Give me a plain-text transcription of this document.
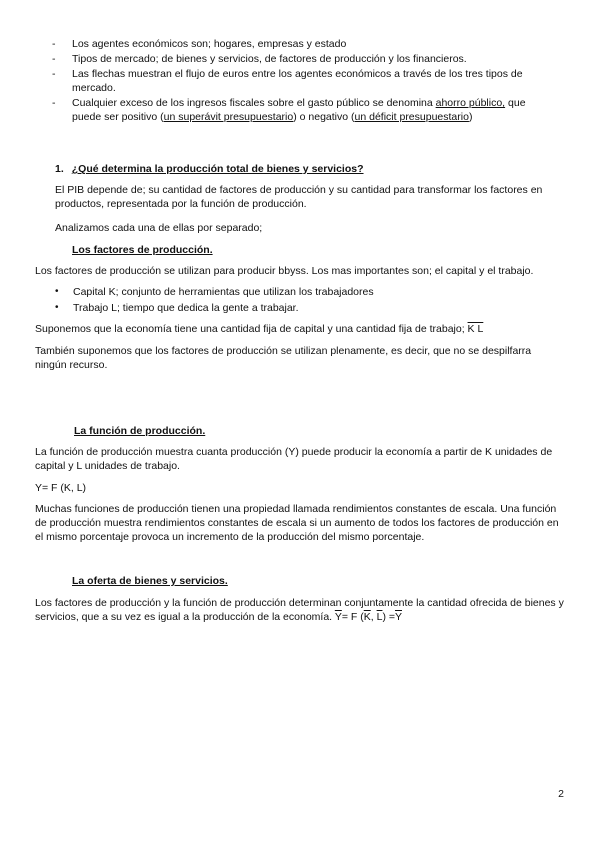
- Los agentes económicos son; hogares, empresas y estado
- Tipos de mercado; de bienes y servicios, de factores de producción y los financieros.
- Las flechas muestran el flujo de euros entre los agentes económicos a través de los tres tipos de mercado.
- Cualquier exceso de los ingresos fiscales sobre el gasto público se denomina ahorro público, que puede ser positivo (un superávit presupuestario) o negativo (un déficit presupuestario)
1. ¿Qué determina la producción total de bienes y servicios?

El PIB depende de; su cantidad de factores de producción y su cantidad para transformar los factores en productos, representada por la función de producción.

Analizamos cada una de ellas por separado;

Los factores de producción.

Los factores de producción se utilizan para producir bbyss. Los mas importantes son; el capital y el trabajo.

• Capital K; conjunto de herramientas que utilizan los trabajadores
• Trabajo L; tiempo que dedica la gente a trabajar.

Suponemos que la economía tiene una cantidad fija de capital y una cantidad fija de trabajo; K L

También suponemos que los factores de producción se utilizan plenamente, es decir, que no se despilfarra ningún recurso.

La función de producción.

La función de producción muestra cuanta producción (Y) puede producir la economía a partir de K unidades de capital y L unidades de trabajo.

Y= F (K, L)

Muchas funciones de producción tienen una propiedad llamada rendimientos constantes de escala. Una función de producción muestra rendimientos constantes de escala si un aumento de todos los factores de producción en el mismo porcentaje provoca un incremento de la producción del mismo porcentaje.

La oferta de bienes y servicios.

Los factores de producción y la función de producción determinan conjuntamente la cantidad ofrecida de bienes y servicios, que a su vez es igual a la producción de la economía. $\overline{Y}= F$ ($\overline{K}$, $\overline{L}) =\overline{Y}$

2
